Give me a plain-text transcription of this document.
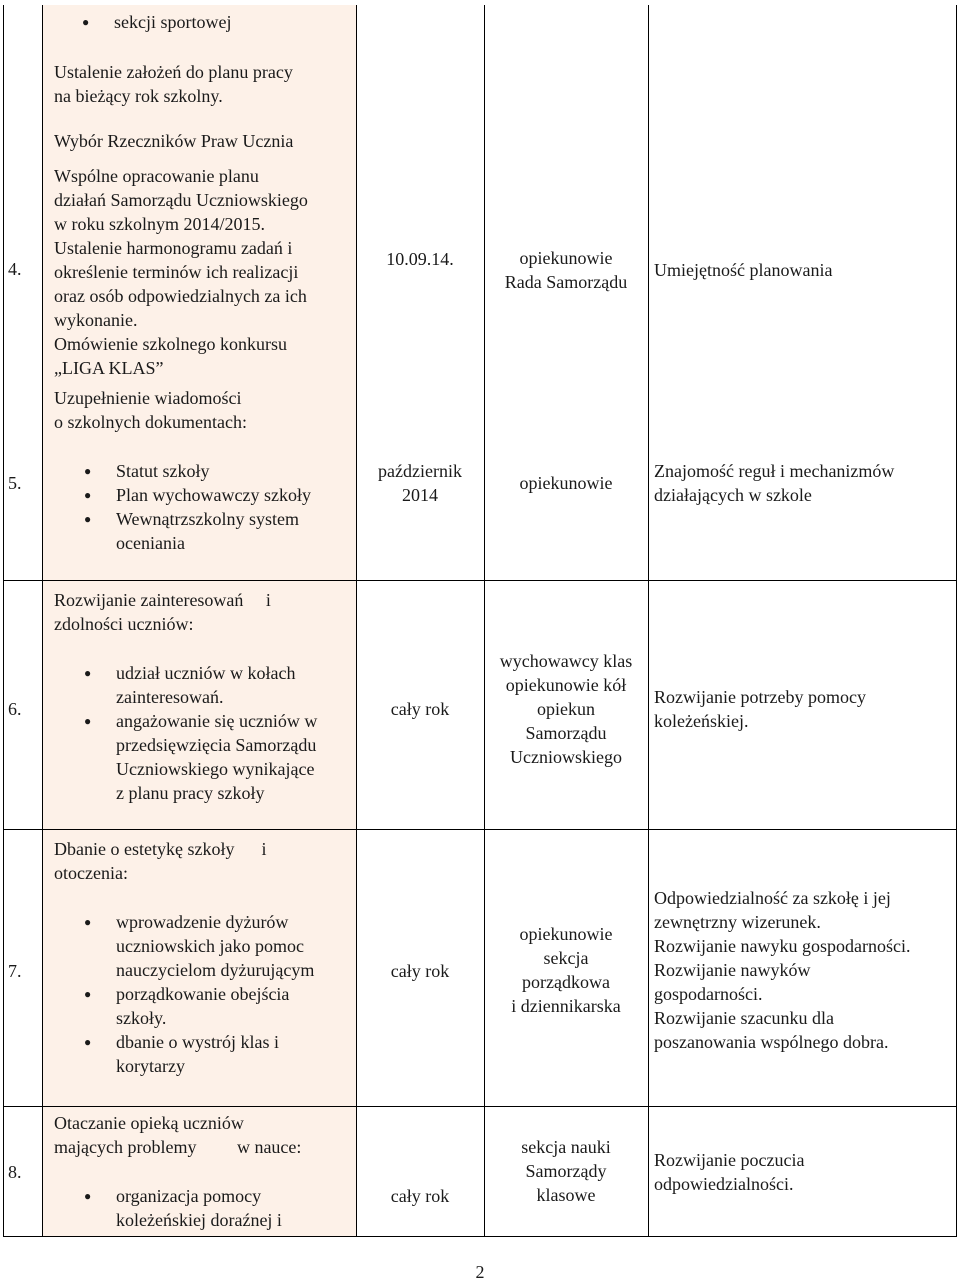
4.
● sekcji sportowej
Ustalenie założeń do planu pracy
na bieżący rok szkolny.
Wybór Rzeczników Praw Ucznia
Wspólne opracowanie planu
działań Samorządu Uczniowskiego
w roku szkolnym 2014/2015.
Ustalenie harmonogramu zadań i
określenie terminów ich realizacji
oraz osób odpowiedzialnych za ich
wykonanie.
Omówienie szkolnego konkursu
„LIGA KLAS”
Uzupełnienie wiadomości
o szkolnych dokumentach:
10.09.14.	opiekunowie
Rada Samorządu
Umiejętność planowania
5.
● Statut szkoły
● Plan wychowawczy szkoły
● Wewnątrzszkolny system
oceniania
październik
2014
opiekunowie
Znajomość reguł i mechanizmów
działających w szkole
6.
Rozwijanie zainteresowań     i
zdolności uczniów:
● udział uczniów w kołach
zainteresowań.
● angażowanie się uczniów w
przedsięwzięcia Samorządu
Uczniowskiego wynikające
z planu pracy szkoły
cały rok
wychowawcy klas
opiekunowie kół
opiekun
Samorządu
Uczniowskiego
Rozwijanie potrzeby pomocy
koleżeńskiej.
7.
Dbanie o estetykę szkoły      i
otoczenia:
● wprowadzenie dyżurów
uczniowskich jako pomoc
nauczycielom dyżurującym
● porządkowanie obejścia
szkoły.
● dbanie o wystrój klas i
korytarzy
cały rok
opiekunowie
sekcja
porządkowa
i dziennikarska
Odpowiedzialność za szkołę i jej
zewnętrzny wizerunek.
Rozwijanie nawyku gospodarności.
Rozwijanie nawyków
gospodarności.
Rozwijanie szacunku dla
poszanowania wspólnego dobra.
8.
Otaczanie opieką uczniów
mających problemy         w nauce:
● organizacja pomocy
koleżeńskiej doraźnej i
cały rok
sekcja nauki
Samorządy
klasowe
Rozwijanie poczucia
odpowiedzialności.
2
